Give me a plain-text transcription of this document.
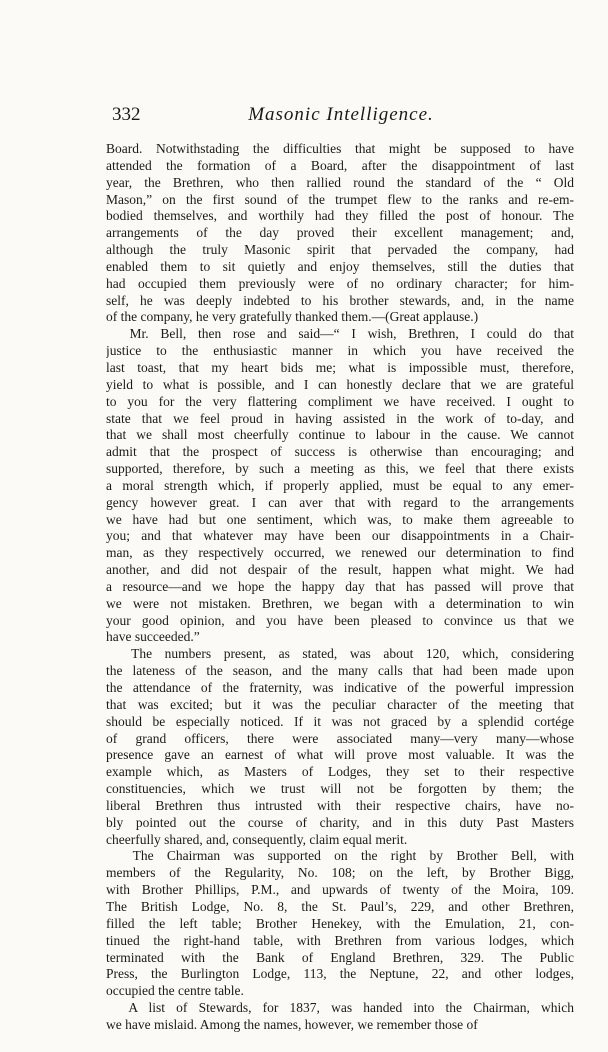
332	Masonic Intelligence.
Board. Notwithstading the difficulties that might be supposed to have
attended the formation of a Board, after the disappointment of last
year, the Brethren, who then rallied round the standard of the “ Old
Mason,” on the first sound of the trumpet flew to the ranks and re-em-
bodied themselves, and worthily had they filled the post of honour. The
arrangements of the day proved their excellent management; and,
although the truly Masonic spirit that pervaded the company, had
enabled them to sit quietly and enjoy themselves, still the duties that
had occupied them previously were of no ordinary character; for him-
self, he was deeply indebted to his brother stewards, and, in the name
of the company, he very gratefully thanked them.—(Great applause.)
Mr. Bell, then rose and said—“ I wish, Brethren, I could do that
justice to the enthusiastic manner in which you have received the
last toast, that my heart bids me; what is impossible must, therefore,
yield to what is possible, and I can honestly declare that we are grateful
to you for the very flattering compliment we have received. I ought to
state that we feel proud in having assisted in the work of to-day, and
that we shall most cheerfully continue to labour in the cause. We cannot
admit that the prospect of success is otherwise than encouraging; and
supported, therefore, by such a meeting as this, we feel that there exists
a moral strength which, if properly applied, must be equal to any emer-
gency however great. I can aver that with regard to the arrangements
we have had but one sentiment, which was, to make them agreeable to
you; and that whatever may have been our disappointments in a Chair-
man, as they respectively occurred, we renewed our determination to find
another, and did not despair of the result, happen what might. We had
a resource—and we hope the happy day that has passed will prove that
we were not mistaken. Brethren, we began with a determination to win
your good opinion, and you have been pleased to convince us that we
have succeeded.”
The numbers present, as stated, was about 120, which, considering
the lateness of the season, and the many calls that had been made upon
the attendance of the fraternity, was indicative of the powerful impression
that was excited; but it was the peculiar character of the meeting that
should be especially noticed. If it was not graced by a splendid cortége
of grand officers, there were associated many—very many—whose
presence gave an earnest of what will prove most valuable. It was the
example which, as Masters of Lodges, they set to their respective
constituencies, which we trust will not be forgotten by them; the
liberal Brethren thus intrusted with their respective chairs, have no-
bly pointed out the course of charity, and in this duty Past Masters
cheerfully shared, and, consequently, claim equal merit.
The Chairman was supported on the right by Brother Bell, with
members of the Regularity, No. 108; on the left, by Brother Bigg,
with Brother Phillips, P.M., and upwards of twenty of the Moira, 109.
The British Lodge, No. 8, the St. Paul’s, 229, and other Brethren,
filled the left table; Brother Henekey, with the Emulation, 21, con-
tinued the right-hand table, with Brethren from various lodges, which
terminated with the Bank of England Brethren, 329. The Public
Press, the Burlington Lodge, 113, the Neptune, 22, and other lodges,
occupied the centre table.
A list of Stewards, for 1837, was handed into the Chairman, which
we have mislaid. Among the names, however, we remember those of
